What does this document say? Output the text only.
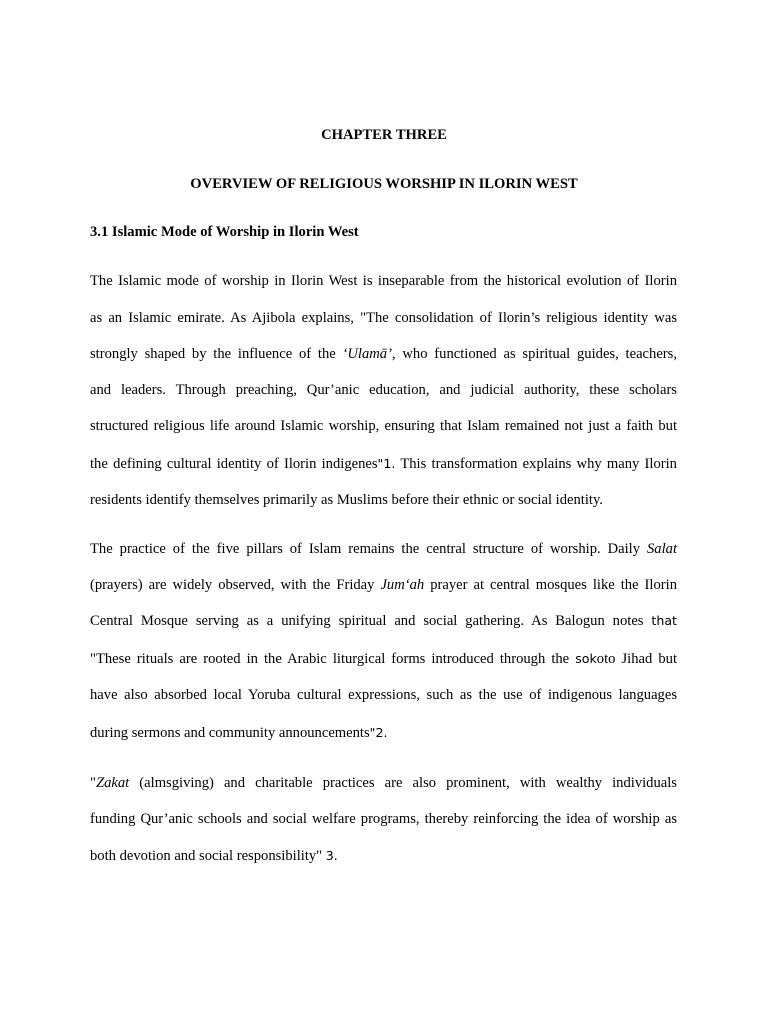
CHAPTER THREE
OVERVIEW OF RELIGIOUS WORSHIP IN ILORIN WEST
3.1 Islamic Mode of Worship in Ilorin West
The Islamic mode of worship in Ilorin West is inseparable from the historical evolution of Ilorin
as an Islamic emirate. As Ajibola explains, "The consolidation of Ilorin’s religious identity was
strongly shaped by the influence of the ‘Ulamā’, who functioned as spiritual guides, teachers,
and leaders. Through preaching, Qur’anic education, and judicial authority, these scholars
structured religious life around Islamic worship, ensuring that Islam remained not just a faith but
the defining cultural identity of Ilorin indigenes"1. This transformation explains why many Ilorin
residents identify themselves primarily as Muslims before their ethnic or social identity.
The practice of the five pillars of Islam remains the central structure of worship. Daily Salat
(prayers) are widely observed, with the Friday Jum‘ah prayer at central mosques like the Ilorin
Central Mosque serving as a unifying spiritual and social gathering. As Balogun notes that
"These rituals are rooted in the Arabic liturgical forms introduced through the sokoto Jihad but
have also absorbed local Yoruba cultural expressions, such as the use of indigenous languages
during sermons and community announcements"2.
"Zakat (almsgiving) and charitable practices are also prominent, with wealthy individuals
funding Qur’anic schools and social welfare programs, thereby reinforcing the idea of worship as
both devotion and social responsibility" 3.
